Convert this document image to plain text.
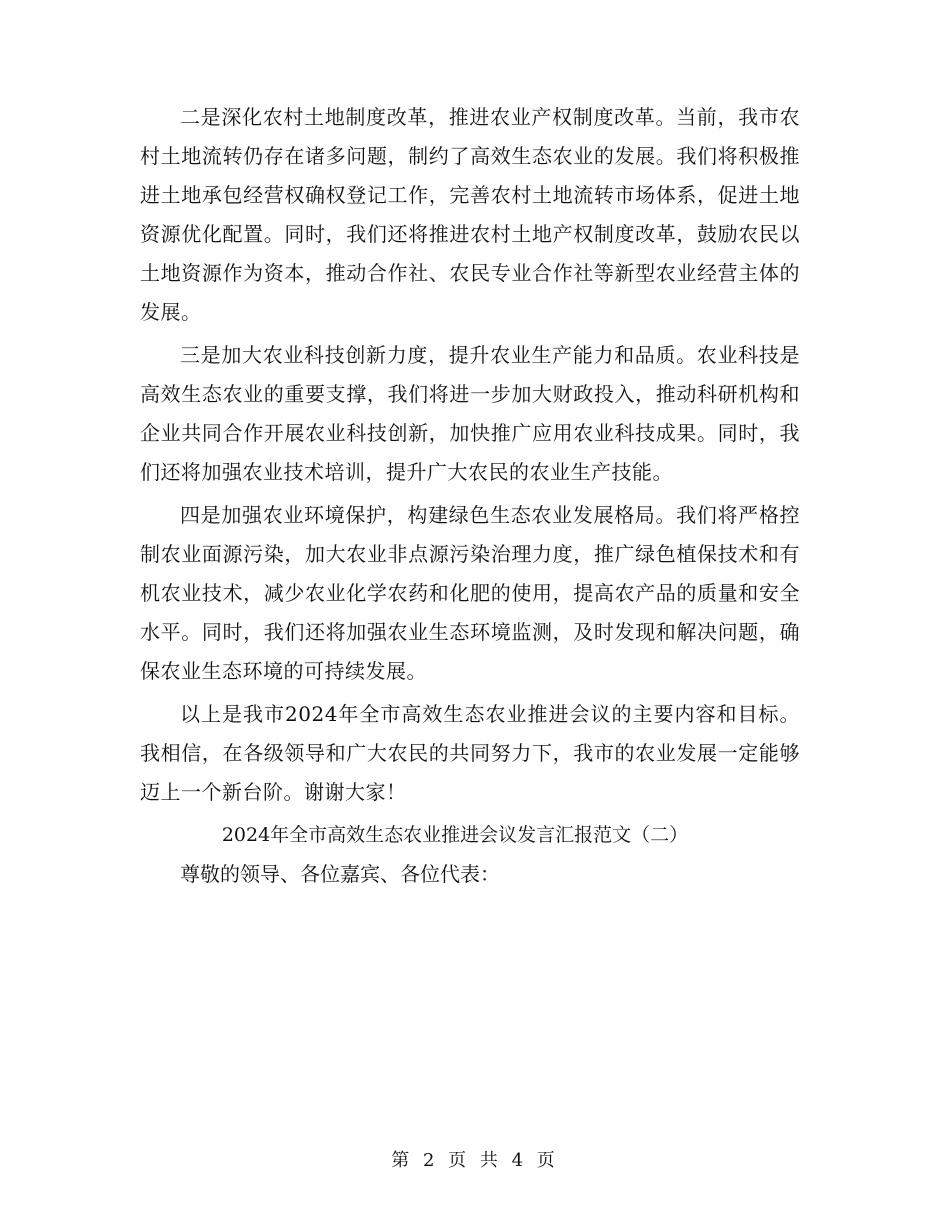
二是深化农村土地制度改革，推进农业产权制度改革。当前，我市农村土地流转仍存在诸多问题，制约了高效生态农业的发展。我们将积极推进土地承包经营权确权登记工作，完善农村土地流转市场体系，促进土地资源优化配置。同时，我们还将推进农村土地产权制度改革，鼓励农民以土地资源作为资本，推动合作社、农民专业合作社等新型农业经营主体的发展。

三是加大农业科技创新力度，提升农业生产能力和品质。农业科技是高效生态农业的重要支撑，我们将进一步加大财政投入，推动科研机构和企业共同合作开展农业科技创新，加快推广应用农业科技成果。同时，我们还将加强农业技术培训，提升广大农民的农业生产技能。

四是加强农业环境保护，构建绿色生态农业发展格局。我们将严格控制农业面源污染，加大农业非点源污染治理力度，推广绿色植保技术和有机农业技术，减少农业化学农药和化肥的使用，提高农产品的质量和安全水平。同时，我们还将加强农业生态环境监测，及时发现和解决问题，确保农业生态环境的可持续发展。

以上是我市2024年全市高效生态农业推进会议的主要内容和目标。我相信，在各级领导和广大农民的共同努力下，我市的农业发展一定能够迈上一个新台阶。谢谢大家！

2024年全市高效生态农业推进会议发言汇报范文（二）

尊敬的领导、各位嘉宾、各位代表：

第 2 页 共 4 页
